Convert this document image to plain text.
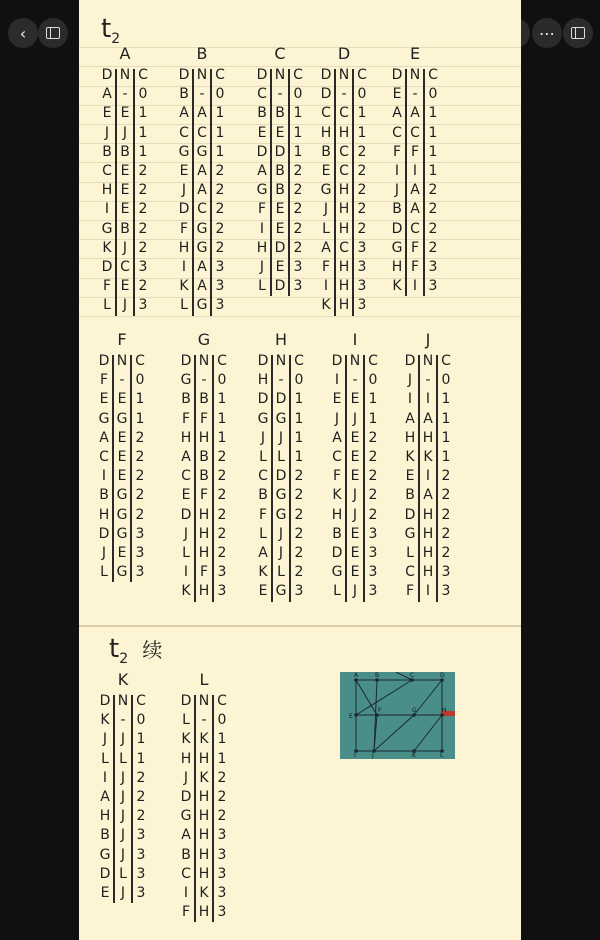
‹	⋯
$t_2$
A
D N C
A - 0
E E 1
J J 1
B B 1
C E 2
H E 2
I E 2
G B 2
K J 2
D C 3
F E 2
L J 3
B
D N C
B - 0
A A 1
C C 1
G G 1
E A 2
J A 2
D C 2
F G 2
H G 2
I A 3
K A 3
L G 3
C
D N C
C - 0
B B 1
E E 1
D D 1
A B 2
G B 2
F E 2
I E 2
H D 2
J E 3
L D 3
D
D N C
D - 0
C C 1
H H 1
B C 2
E C 2
G H 2
J H 2
L H 2
A C 3
F H 3
I H 3
K H 3
E
D N C
E - 0
A A 1
C C 1
F F 1
I I 1
J A 2
B A 2
D C 2
G F 2
H F 3
K I 3
F
D N C
F - 0
E E 1
G G 1
A E 2
C E 2
I E 2
B G 2
H G 2
D G 3
J E 3
L G 3
G
D N C
G - 0
B B 1
F F 1
H H 1
A B 2
C B 2
E F 2
D H 2
J H 2
L H 2
I F 3
K H 3
H
D N C
H - 0
D D 1
G G 1
J J 1
L L 1
C D 2
B G 2
F G 2
L J 2
A J 2
K L 2
E G 3
I
D N C
I - 0
E E 1
J J 1
A E 2
C E 2
F E 2
K J 2
H J 2
B E 3
D E 3
G E 3
L J 3
J
D N C
J - 0
I I 1
A A 1
H H 1
K K 1
E I 2
B A 2
D H 2
G H 2
L H 2
C H 3
F I 3
$t_2$ 续
K
D N C
K - 0
J J 1
L L 1
I J 2
A J 2
H J 2
B J 3
G J 3
D L 3
E J 3
L
D N C
L - 0
K K 1
H H 1
J K 2
D H 2
G H 2
A H 3
B H 3
C H 3
I K 3
F H 3
A	B	C	D
E
F	G	H
I	J	K	L
